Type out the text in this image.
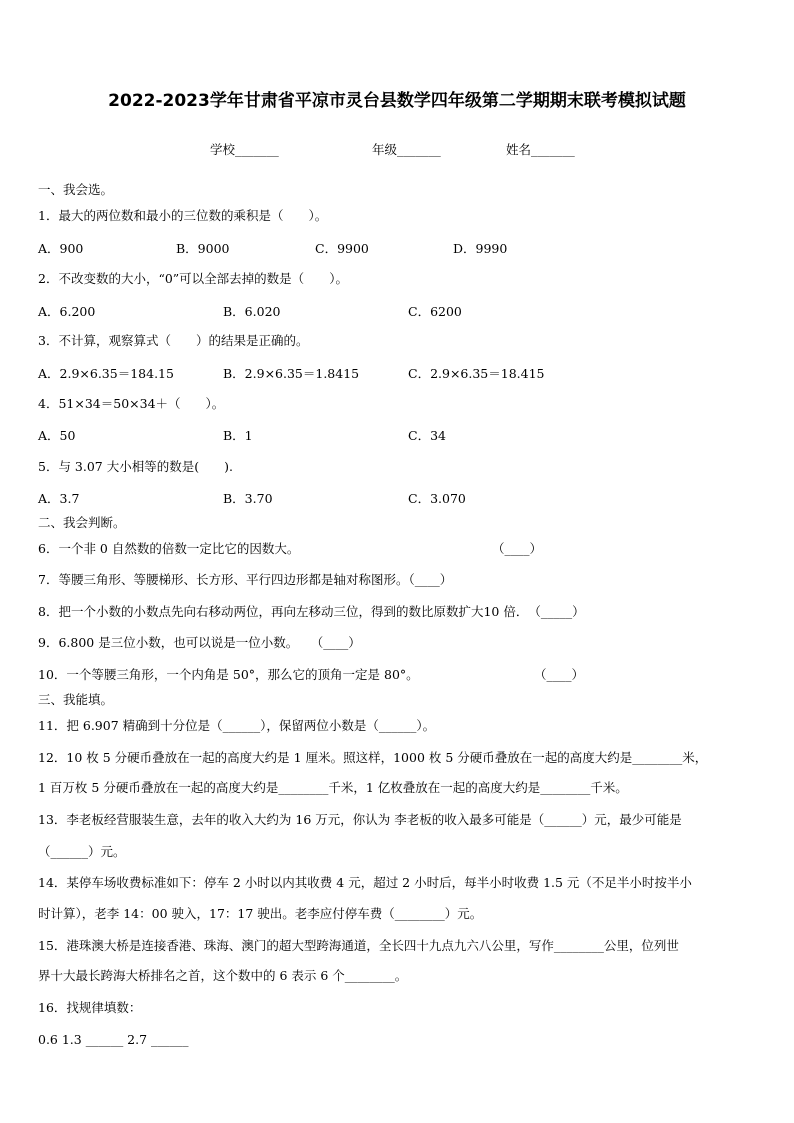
2022-2023学年甘肃省平凉市灵台县数学四年级第二学期期末联考模拟试题
学校_______	年级_______	姓名_______
一、我会选。
1．最大的两位数和最小的三位数的乘积是（　　）。
A．900	B．9000	C．9900	D．9990
2．不改变数的大小，“0”可以全部去掉的数是（　　）。
A．6.200	B．6.020	C．6200
3．不计算，观察算式（　　）的结果是正确的。
A．2.9×6.35＝184.15	B．2.9×6.35＝1.8415	C．2.9×6.35＝18.415
4．51×34＝50×34＋（　　）。
A．50	B．1	C．34
5．与 3.07 大小相等的数是(　　).
A．3.7	B．3.70	C．3.070
二、我会判断。
6．一个非 0 自然数的倍数一定比它的因数大。	（____）
7．等腰三角形、等腰梯形、长方形、平行四边形都是轴对称图形。（____）
8．把一个小数的小数点先向右移动两位，再向左移动三位，得到的数比原数扩大10 倍．　（_____）
9．6.800 是三位小数，也可以说是一位小数。　　（____）
10．一个等腰三角形，一个内角是 50°，那么它的顶角一定是 80°。	（____）
三、我能填。
11．把 6.907 精确到十分位是（______），保留两位小数是（______）。
12．10 枚 5 分硬币叠放在一起的高度大约是 1 厘米。照这样，1000 枚 5 分硬币叠放在一起的高度大约是________米，
1 百万枚 5 分硬币叠放在一起的高度大约是________千米，1 亿枚叠放在一起的高度大约是________千米。
13．李老板经营服装生意，去年的收入大约为 16 万元，你认为 李老板的收入最多可能是（______）元，最少可能是
（______）元。
14．某停车场收费标准如下：停车 2 小时以内其收费 4 元，超过 2 小时后，每半小时收费 1.5 元（不足半小时按半小
时计算），老李 14：00 驶入，17：17 驶出。老李应付停车费（________）元。
15．港珠澳大桥是连接香港、珠海、澳门的超大型跨海通道，全长四十九点九六八公里，写作________公里，位列世
界十大最长跨海大桥排名之首，这个数中的 6 表示 6 个________。
16．找规律填数：
0.6 1.3 ______ 2.7 ______
